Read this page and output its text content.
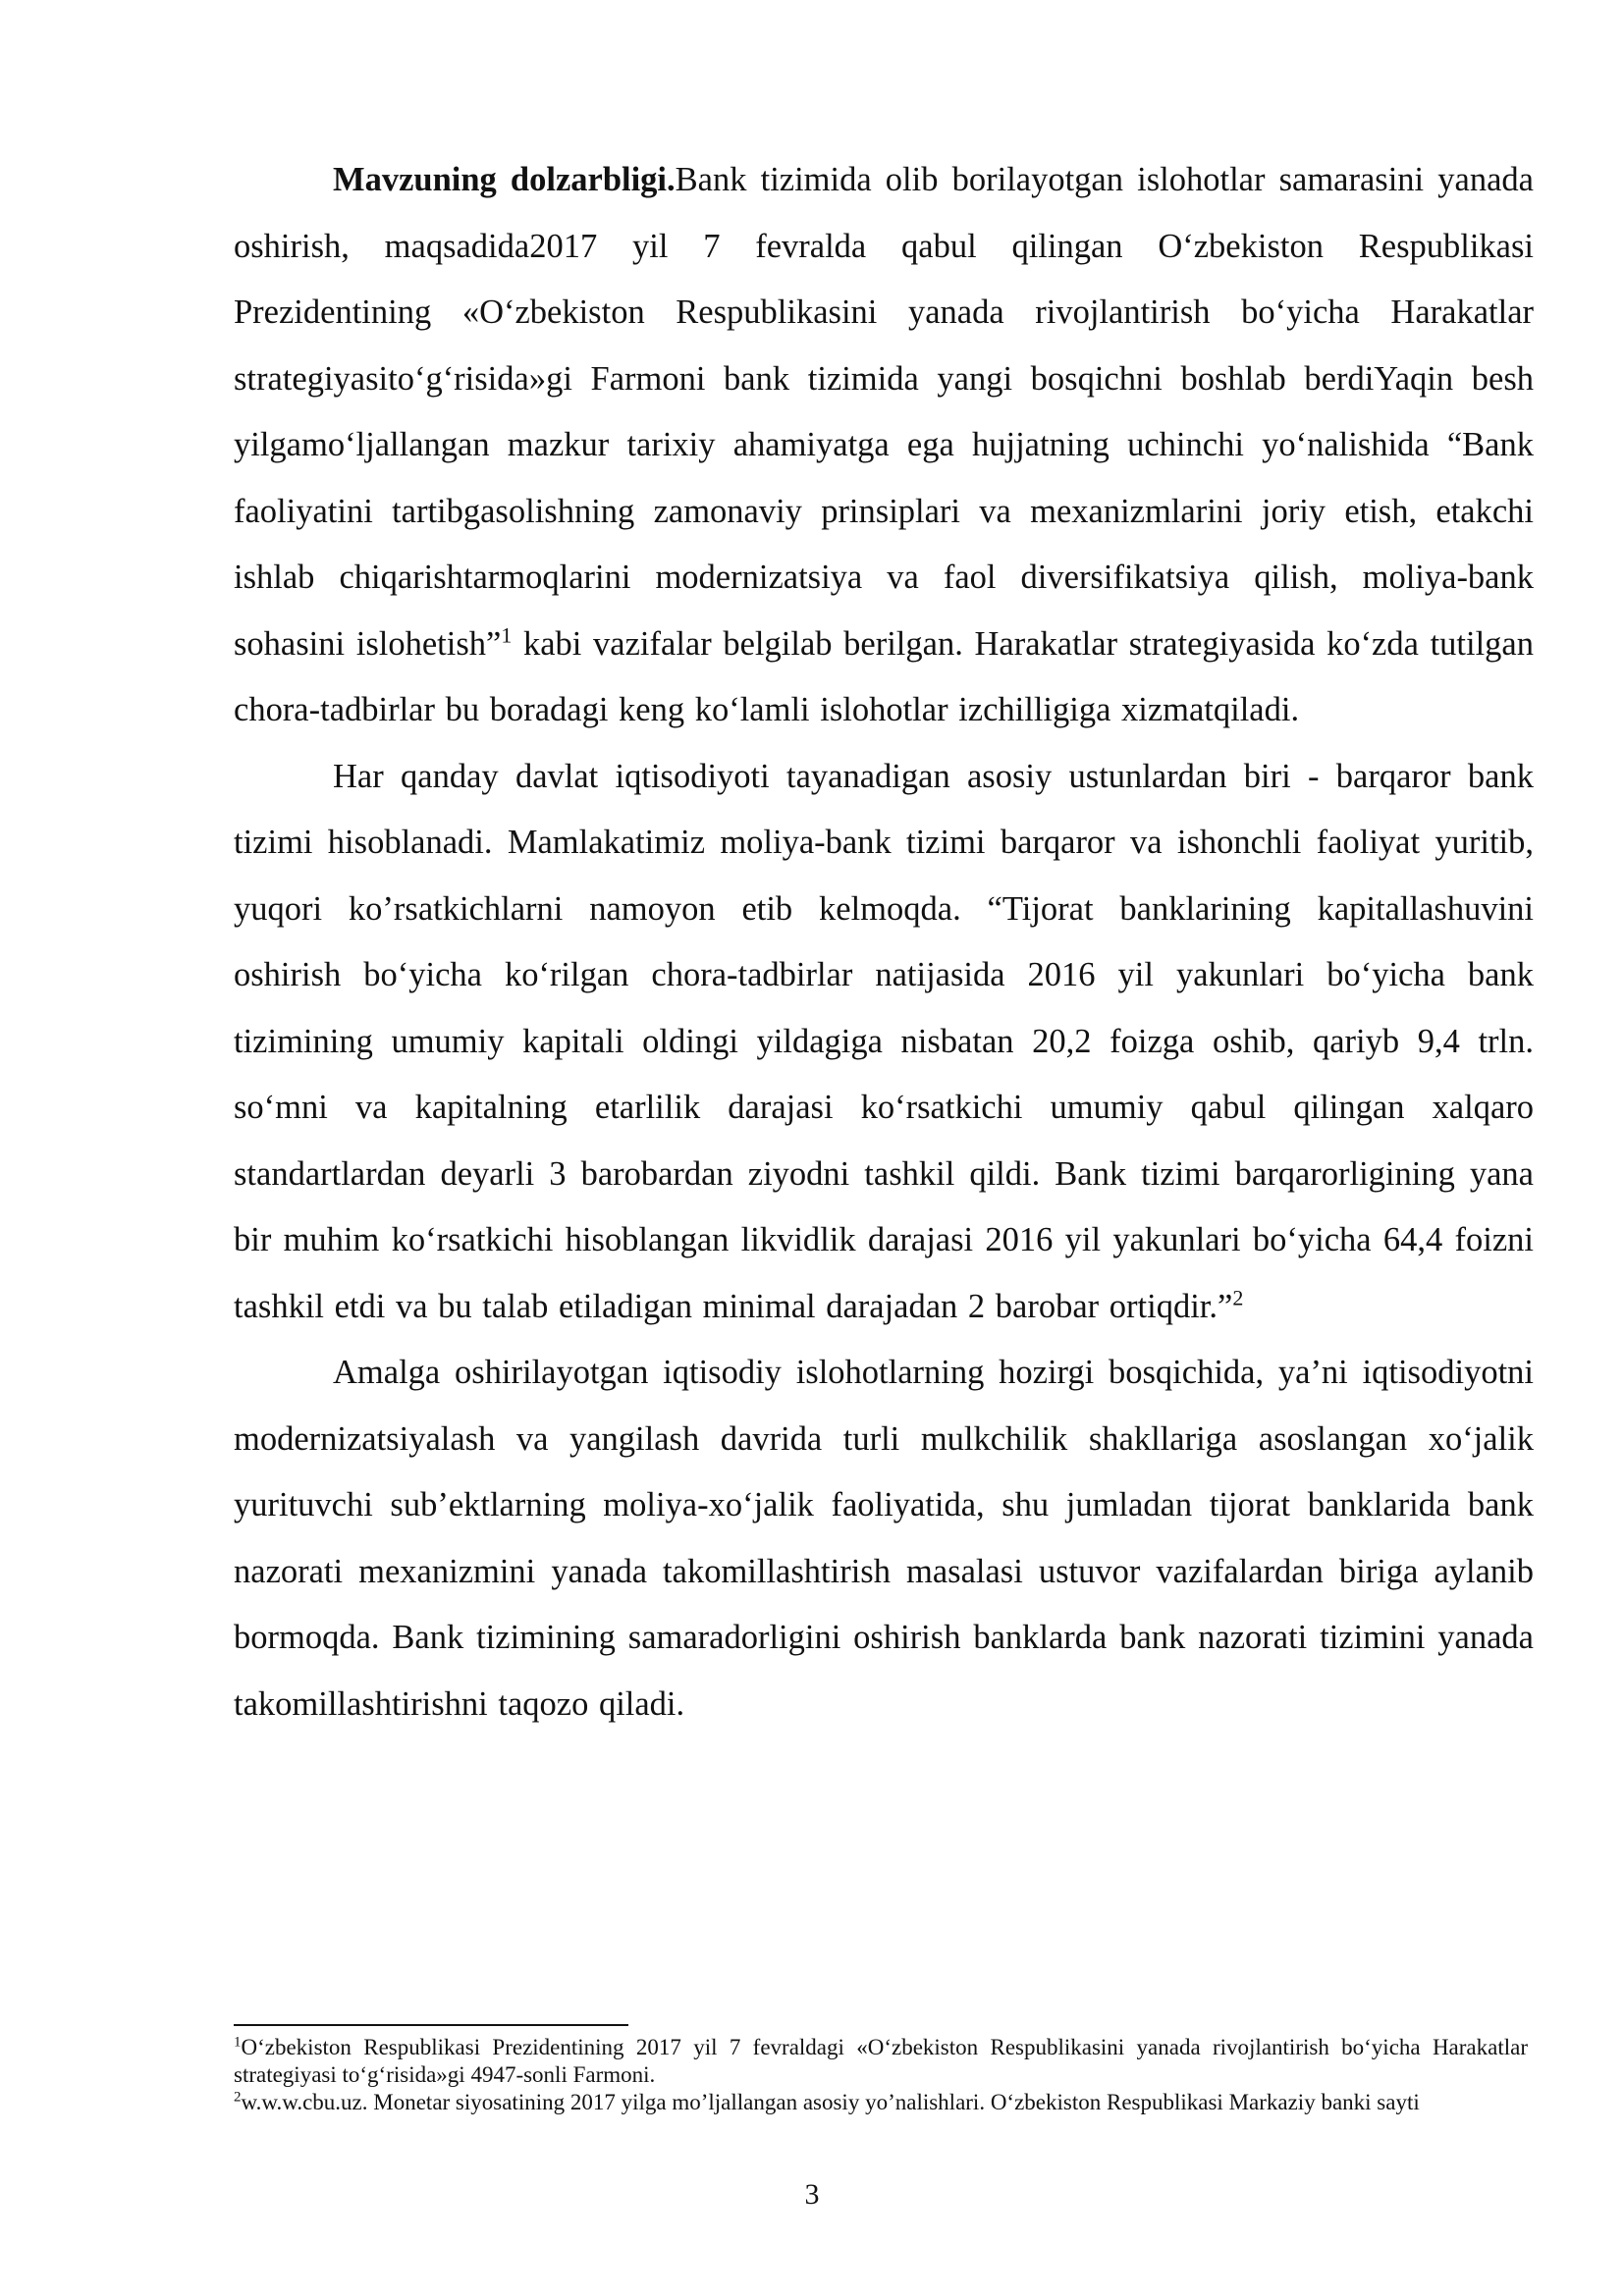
Mavzuning dolzarbligi.Bank tizimida olib borilayotgan islohotlar samarasini yanada oshirish, maqsadida2017 yil 7 fevralda qabul qilingan O‘zbekiston Respublikasi Prezidentining «O‘zbekiston Respublikasini yanada rivojlantirish bo‘yicha Harakatlar strategiyasito‘g‘risida»gi Farmoni bank tizimida yangi bosqichni boshlab berdiYaqin besh yilgamo‘ljallangan mazkur tarixiy ahamiyatga ega hujjatning uchinchi yo‘nalishida “Bank faoliyatini tartibgasolishning zamonaviy prinsiplari va mexanizmlarini joriy etish, etakchi ishlab chiqarishtarmoqlarini modernizatsiya va faol diversifikatsiya qilish, moliya-bank sohasini islohetish”$^1$ kabi vazifalar belgilab berilgan. Harakatlar strategiyasida ko‘zda tutilgan chora-tadbirlar bu boradagi keng ko‘lamli islohotlar izchilligiga xizmatqiladi.

Har qanday davlat iqtisodiyoti tayanadigan asosiy ustunlardan biri - barqaror bank tizimi hisoblanadi. Mamlakatimiz moliya-bank tizimi barqaror va ishonchli faoliyat yuritib, yuqori ko’rsatkichlarni namoyon etib kelmoqda. “Tijorat banklarining kapitallashuvini oshirish bo‘yicha ko‘rilgan chora-tadbirlar natijasida 2016 yil yakunlari bo‘yicha bank tizimining umumiy kapitali oldingi yildagiga nisbatan 20,2 foizga oshib, qariyb 9,4 trln. so‘mni va kapitalning etarlilik darajasi ko‘rsatkichi umumiy qabul qilingan xalqaro standartlardan deyarli 3 barobardan ziyodni tashkil qildi. Bank tizimi barqarorligining yana bir muhim ko‘rsatkichi hisoblangan likvidlik darajasi 2016 yil yakunlari bo‘yicha 64,4 foizni tashkil etdi va bu talab etiladigan minimal darajadan 2 barobar ortiqdir.”$^2$

Amalga oshirilayotgan iqtisodiy islohotlarning hozirgi bosqichida, ya’ni iqtisodiyotni modernizatsiyalash va yangilash davrida turli mulkchilik shakllariga asoslangan xo‘jalik yurituvchi sub’ektlarning moliya-xo‘jalik faoliyatida, shu jumladan tijorat banklarida bank nazorati mexanizmini yanada takomillashtirish masalasi ustuvor vazifalardan biriga aylanib bormoqda. Bank tizimining samaradorligini oshirish banklarda bank nazorati tizimini yanada takomillashtirishni taqozo qiladi.

$^1$O‘zbekiston Respublikasi Prezidentining 2017 yil 7 fevraldagi «O‘zbekiston Respublikasini yanada rivojlantirish bo‘yicha Harakatlar strategiyasi to‘g‘risida»gi 4947-sonli Farmoni.

$^2$w.w.w.cbu.uz. Monetar siyosatining 2017 yilga mo’ljallangan asosiy yo’nalishlari. O‘zbekiston Respublikasi Markaziy banki sayti

3
